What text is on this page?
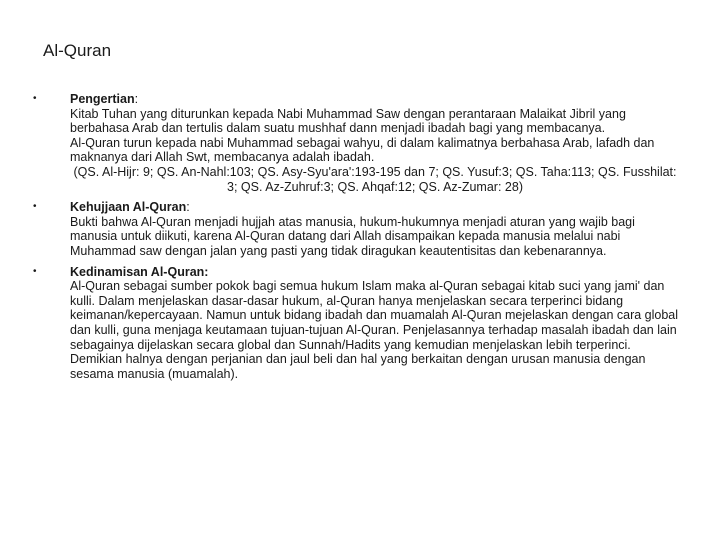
Al-Quran
•	Pengertian:
Kitab Tuhan yang diturunkan kepada Nabi Muhammad Saw dengan perantaraan Malaikat Jibril yang berbahasa Arab dan tertulis dalam suatu mushhaf dann menjadi ibadah bagi yang membacanya.
Al-Quran turun kepada nabi Muhammad sebagai wahyu, di dalam kalimatnya berbahasa Arab, lafadh dan maknanya dari Allah Swt, membacanya adalah ibadah.
(QS. Al-Hijr: 9; QS. An-Nahl:103; QS. Asy-Syu'ara':193-195 dan 7; QS. Yusuf:3; QS. Taha:113; QS. Fusshilat: 3; QS. Az-Zuhruf:3; QS. Ahqaf:12; QS. Az-Zumar: 28)
•	Kehujjaan Al-Quran:
Bukti bahwa Al-Quran menjadi hujjah atas manusia, hukum-hukumnya menjadi aturan yang wajib bagi manusia untuk diikuti, karena Al-Quran datang dari Allah disampaikan kepada manusia melalui nabi Muhammad saw dengan jalan yang pasti yang tidak diragukan keautentisitas dan kebenarannya.
•	Kedinamisan Al-Quran:
Al-Quran sebagai sumber pokok bagi semua hukum Islam maka al-Quran sebagai kitab suci yang jami' dan kulli. Dalam menjelaskan dasar-dasar hukum, al-Quran hanya menjelaskan secara terperinci bidang keimanan/kepercayaan. Namun untuk bidang ibadah dan muamalah Al-Quran mejelaskan dengan cara global dan kulli, guna menjaga keutamaan tujuan-tujuan Al-Quran. Penjelasannya terhadap masalah ibadah dan lain sebagainya dijelaskan secara global dan Sunnah/Hadits yang kemudian menjelaskan lebih terperinci. Demikian halnya dengan perjanian dan jaul beli dan hal yang berkaitan dengan urusan manusia dengan sesama manusia (muamalah).
